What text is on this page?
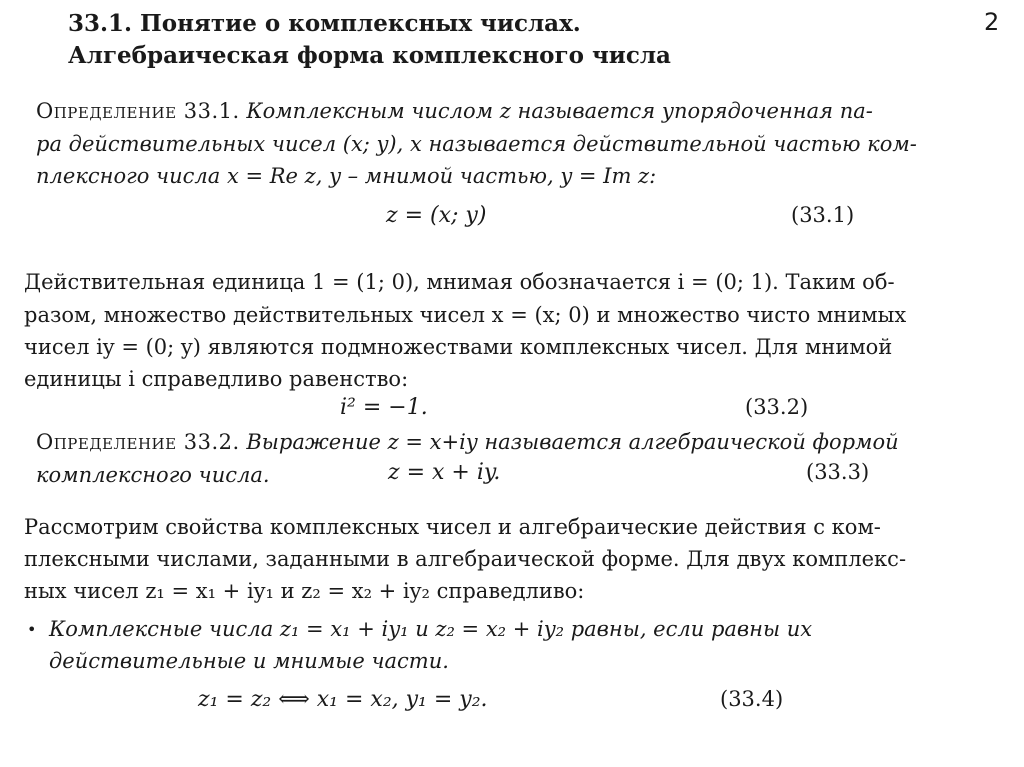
2
33.1. Понятие о комплексных числах.
Алгебраическая форма комплексного числа
Определение 33.1. Комплексным числом z называется упорядоченная па-
ра действительных чисел (x; y), x называется действительной частью ком-
плексного числа x = Re z, y – мнимой частью, y = Im z:
z = (x; y)	(33.1)
Действительная единица 1 = (1; 0), мнимая обозначается i = (0; 1). Таким об-
разом, множество действительных чисел x = (x; 0) и множество чисто мнимых
чисел iy = (0; y) являются подмножествами комплексных чисел. Для мнимой
единицы i справедливо равенство:
i² = −1.	(33.2)
Определение 33.2. Выражение z = x+iy называется алгебраической формой
комплексного числа.	z = x + iy.	(33.3)
Рассмотрим свойства комплексных чисел и алгебраические действия с ком-
плексными числами, заданными в алгебраической форме. Для двух комплекс-
ных чисел z₁ = x₁ + iy₁ и z₂ = x₂ + iy₂ справедливо:
• Комплексные числа z₁ = x₁ + iy₁ и z₂ = x₂ + iy₂ равны, если равны их
действительные и мнимые части.
z₁ = z₂ ⟺ x₁ = x₂, y₁ = y₂.	(33.4)
